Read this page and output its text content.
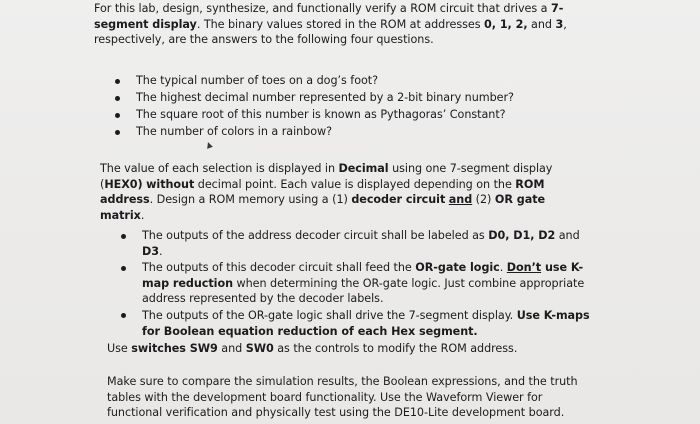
For this lab, design, synthesize, and functionally verify a ROM circuit that drives a 7-segment display. The binary values stored in the ROM at addresses 0, 1, 2, and 3, respectively, are the answers to the following four questions.
The typical number of toes on a dog’s foot?
The highest decimal number represented by a 2-bit binary number?
The square root of this number is known as Pythagoras’ Constant?
The number of colors in a rainbow?
The value of each selection is displayed in Decimal using one 7-segment display (HEX0) without decimal point. Each value is displayed depending on the ROM address. Design a ROM memory using a (1) decoder circuit and (2) OR gate matrix.
The outputs of the address decoder circuit shall be labeled as D0, D1, D2 and D3.
The outputs of this decoder circuit shall feed the OR-gate logic. Don’t use K-map reduction when determining the OR-gate logic. Just combine appropriate address represented by the decoder labels.
The outputs of the OR-gate logic shall drive the 7-segment display. Use K-maps for Boolean equation reduction of each Hex segment.
Use switches SW9 and SW0 as the controls to modify the ROM address.
Make sure to compare the simulation results, the Boolean expressions, and the truth tables with the development board functionality. Use the Waveform Viewer for functional verification and physically test using the DE10-Lite development board.
